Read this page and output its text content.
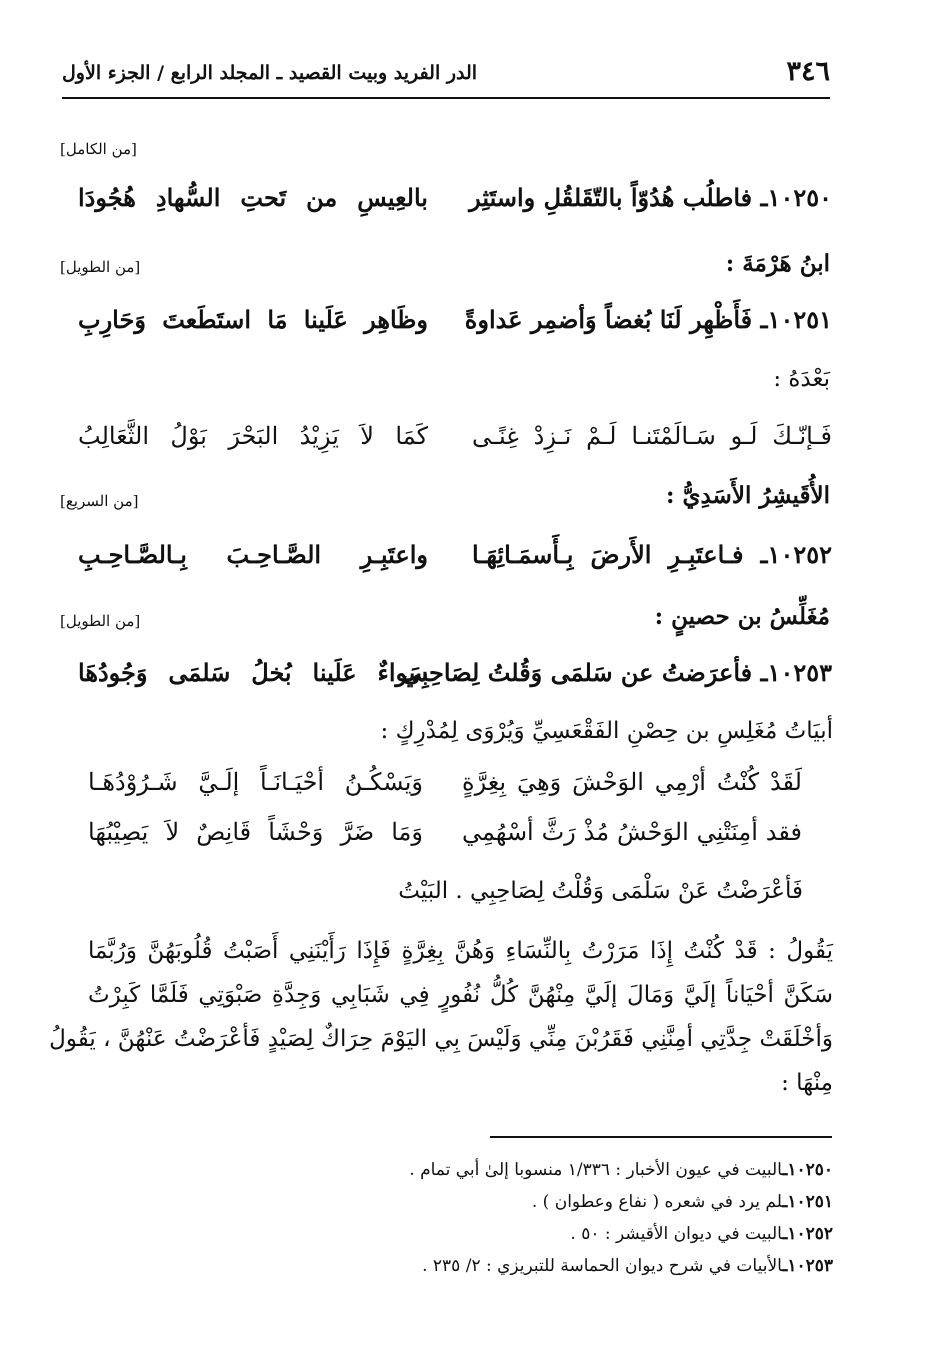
٣٤٦
الدر الفريد وبيت القصيد ـ المجلد الرابع / الجزء الأول
[من الكامل]
١٠٢٥٠ـ فاطلُب هُدُوّاً بالتّقَلقُلِ واستَثِر
بالعِيسِ من تَحتِ السُّهادِ هُجُودَا
ابنُ هَرْمَةَ :
[من الطويل]
١٠٢٥١ـ فَأَظْهِر لَنَا بُغضاً وَأضمِر عَداوةً
وظَاهِر عَلَينا مَا استَطَعتَ وَحَارِبِ
بَعْدَهُ :
فَـإنّـكَ لَـو سَـالَمْتَنـا لَـمْ نَـزِدْ غِنًـى
كَمَا لاَ يَزِيْدُ البَحْرَ بَوْلُ الثَّعَالِبُ
الأُقَيشِرُ الأَسَدِيُّ :
[من السريع]
١٠٢٥٢ـ فـاعتَبِـرِ الأَرضَ بِـأَسمَـائِهَـا
واعتَبِـرِ الصَّـاحِـبَ بِـالصَّـاحِـبِ
مُغَلِّسُ بن حصينٍ :
[من الطويل]
١٠٢٥٣ـ فأعرَضتُ عن سَلمَى وَقُلتُ لِصَاحِبِي
سَواءٌ عَلَينا بُخلُ سَلمَى وَجُودُهَا
أبيَاتُ مُغَلِسِ بن حِصْنِ الفَقْعَسِيِّ وَيُرْوَى لِمُدْرِكٍ :
لَقَدْ كُنْتُ أرْمِي الوَحْشَ وَهِيَ بِغِرَّةٍ
وَيَسْكُـنُ أحْيَـانَـاً إلَـيَّ شَـرُوْدُهَـا
فقد أمِنَتْنِي الوَحْشُ مُذْ رَثَّ أسْهُمِي
وَمَا ضَرَّ وَحْشَاً قَانِصٌ لاَ يَصِيْبُهَا
فَأعْرَضْتُ عَنْ سَلْمَى وَقُلْتُ لِصَاحِبِي . البَيْتُ
يَقُولُ : قَدْ كُنْتُ إِذَا مَرَرْتُ بِالنِّسَاءِ وَهُنَّ بِغِرَّةٍ فَإِذَا رَأَيْنَنِي أَصَبْتُ قُلُوبَهُنَّ وَرُبَّمَا
سَكَنَّ أحْيَاناً إلَيَّ وَمَالَ إلَيَّ مِنْهُنَّ كُلُّ نُفُورٍ فِي شَبَابِي وَجِدَّةِ صَبْوَتِي فَلَمَّا كَبِرْتُ
وَأخْلَقَتْ جِدَّتِي أمِنَّنِي فَقَرُبْنَ مِنِّي وَلَيْسَ بِي اليَوْمَ حِرَاكٌ لِصَيْدٍ فَأعْرَضْتُ عَنْهُنَّ ، يَقُولُ
مِنْهَا :
١٠٢٥٠ـالبيت في عيون الأخبار : ١/٣٣٦ منسوبا إلىٰ أبي تمام .
١٠٢٥١ـلم يرد في شعره ( نفاع وعطوان ) .
١٠٢٥٢ـالبيت في ديوان الأقيشر : ٥٠ .
١٠٢٥٣ـالأبيات في شرح ديوان الحماسة للتبريزي : ٢/ ٢٣٥ .
